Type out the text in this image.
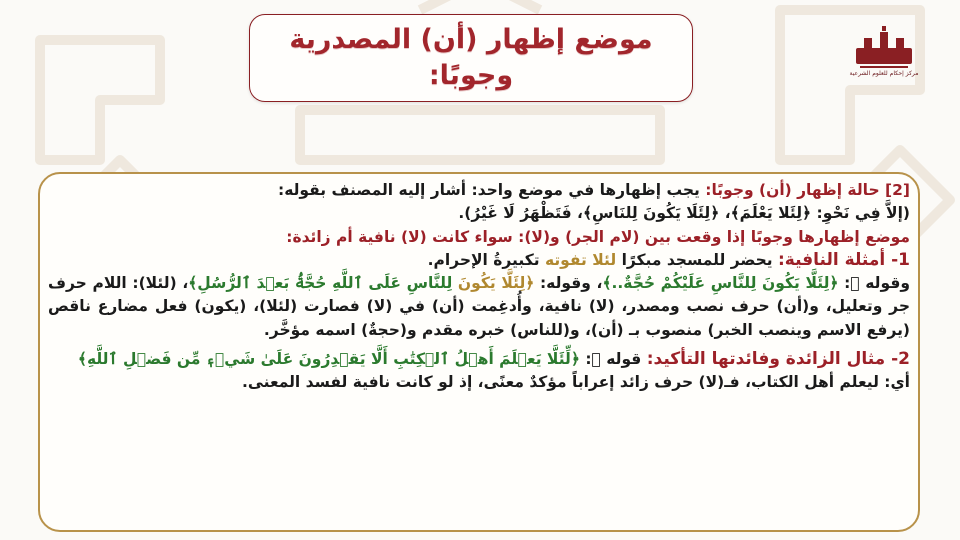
موضع إظهار (أن) المصدرية
وجوبًا:	مركز إحكام للعلوم الشرعية

[2] حالة إظهار (أن) وجوبًا: يجب إظهارها في موضع واحد: أشار إليه المصنف بقوله:

(إلاَّ فِي نَحْوِ: ﴿لِئَلا يَعْلَمَ﴾، ﴿لِئَلَا يَكُونَ لِلنَاسِ﴾، فَتَظْهَرُ لَا غَيْرُ).

موضع إظهارها وجوبًا إذا وقعت بين (لام الجر) و(لا): سواء كانت (لا) نافية أم زائدة:

1- أمثلة النافية: يحضر للمسجد مبكرًا لئلا تفوته تكبيرةُ الإحرام.

وقوله ﷺ: ﴿لِئَلَّا يَكُونَ لِلنَّاسِ عَلَيْكُمْ حُجَّةٌ..﴾، وقوله: ﴿لِئَلَّا يَكُونَ لِلنَّاسِ عَلَى ٱللَّهِ حُجَّةُۢ بَعۡدَ ٱلرُّسُلِ﴾، (لئلا): اللام حرف جر وتعليل، و(أن) حرف نصب ومصدر، (لا) نافية، وأُدغِمت (أن) في (لا) فصارت (لئلا)، (يكون) فعل مضارع ناقص (يرفع الاسم وينصب الخبر) منصوب بـ (أن)، و(للناس) خبره مقدم و(حجةٌ) اسمه مؤخَّر.

2- مثال الزائدة وفائدتها التأكيد: قوله ﷺ: ﴿لِّئَلَّا يَعۡلَمَ أَهۡلُ ٱلۡكِتَٰبِ أَلَّا يَقۡدِرُونَ عَلَىٰ شَيۡءٖ مِّن فَضۡلِ ٱللَّهِ﴾

أي: ليعلم أهل الكتاب، فـ(لا) حرف زائد إعراباً مؤكدٌ معنًى، إذ لو كانت نافية لفسد المعنى.
